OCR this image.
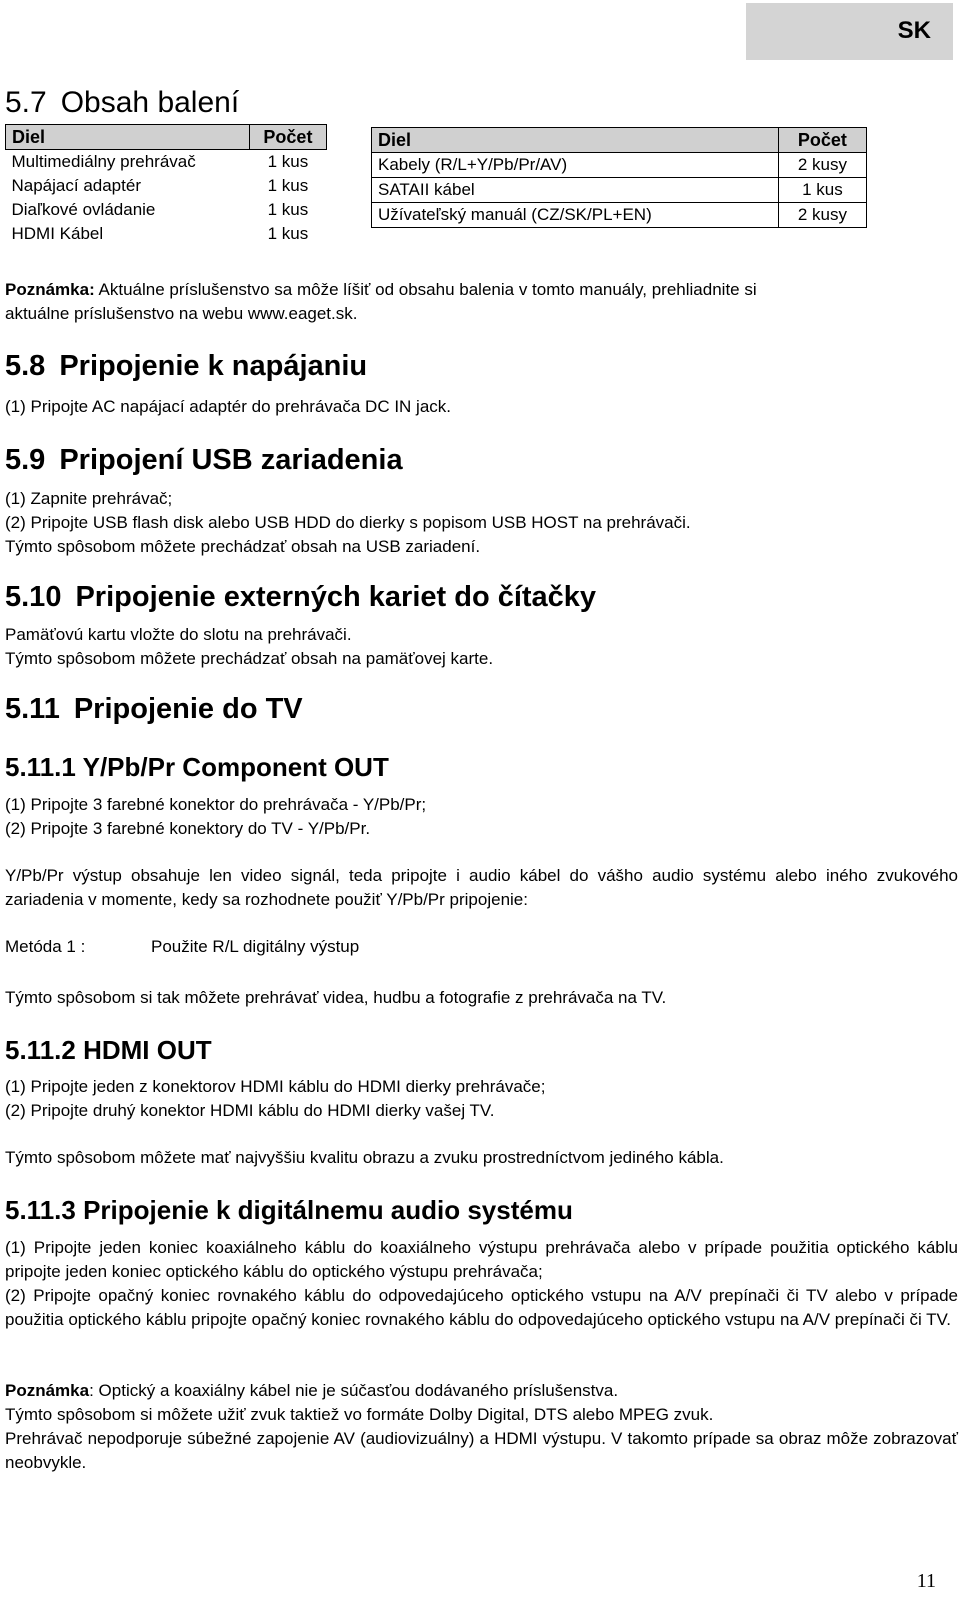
SK
5.7 Obsah balení
Diel	Počet
Multimediálny prehrávač	1 kus
Napájací adaptér	1 kus
Diaľkové ovládanie	1 kus
HDMI Kábel	1 kus
Diel	Počet
Kabely (R/L+Y/Pb/Pr/AV)	2 kusy
SATAII kábel	1 kus
Užívateľský manuál (CZ/SK/PL+EN)	2 kusy

Poznámka: Aktuálne príslušenstvo sa môže líšiť od obsahu balenia v tomto manuály, prehliadnite si

aktuálne príslušenstvo na webu www.eaget.sk.

5.8 Pripojenie k napájaniu

(1) Pripojte AC napájací adaptér do prehrávača DC IN jack.

5.9 Pripojení USB zariadenia

(1) Zapnite prehrávač;

(2) Pripojte USB flash disk alebo USB HDD do dierky s popisom USB HOST na prehrávači.

Týmto spôsobom môžete prechádzať obsah na USB zariadení.

5.10 Pripojenie externých kariet do čítačky

Pamäťovú kartu vložte do slotu na prehrávači.

Týmto spôsobom môžete prechádzať obsah na pamäťovej karte.

5.11 Pripojenie do TV
5.11.1 Y/Pb/Pr Component OUT

(1) Pripojte 3 farebné konektor do prehrávača - Y/Pb/Pr;

(2) Pripojte 3 farebné konektory do TV - Y/Pb/Pr.

Y/Pb/Pr výstup obsahuje len video signál, teda pripojte i audio kábel do vášho audio systému alebo iného zvukového zariadenia v momente, kedy sa rozhodnete použiť Y/Pb/Pr pripojenie:

Metóda 1 :	Použite R/L digitálny výstup

Týmto spôsobom si tak môžete prehrávať videa, hudbu a fotografie z prehrávača na TV.

5.11.2 HDMI OUT

(1) Pripojte jeden z konektorov HDMI káblu do HDMI dierky prehrávače;

(2) Pripojte druhý konektor HDMI káblu do HDMI dierky vašej TV.

Týmto spôsobom môžete mať najvyššiu kvalitu obrazu a zvuku prostredníctvom jediného kábla.

5.11.3 Pripojenie k digitálnemu audio systému

(1) Pripojte jeden koniec koaxiálneho káblu do koaxiálneho výstupu prehrávača alebo v prípade použitia optického káblu pripojte jeden koniec optického káblu do optického výstupu prehrávača;

(2) Pripojte opačný koniec rovnakého káblu do odpovedajúceho optického vstupu na A/V prepínači či TV alebo v prípade použitia optického káblu pripojte opačný koniec rovnakého káblu do odpovedajúceho optického vstupu na A/V prepínači či TV.

Poznámka: Optický a koaxiálny kábel nie je súčasťou dodávaného príslušenstva.

Týmto spôsobom si môžete užiť zvuk taktiež vo formáte Dolby Digital, DTS alebo MPEG zvuk.

Prehrávač nepodporuje súbežné zapojenie AV (audiovizuálny) a HDMI výstupu. V takomto prípade sa obraz môže zobrazovať neobvykle.

11
